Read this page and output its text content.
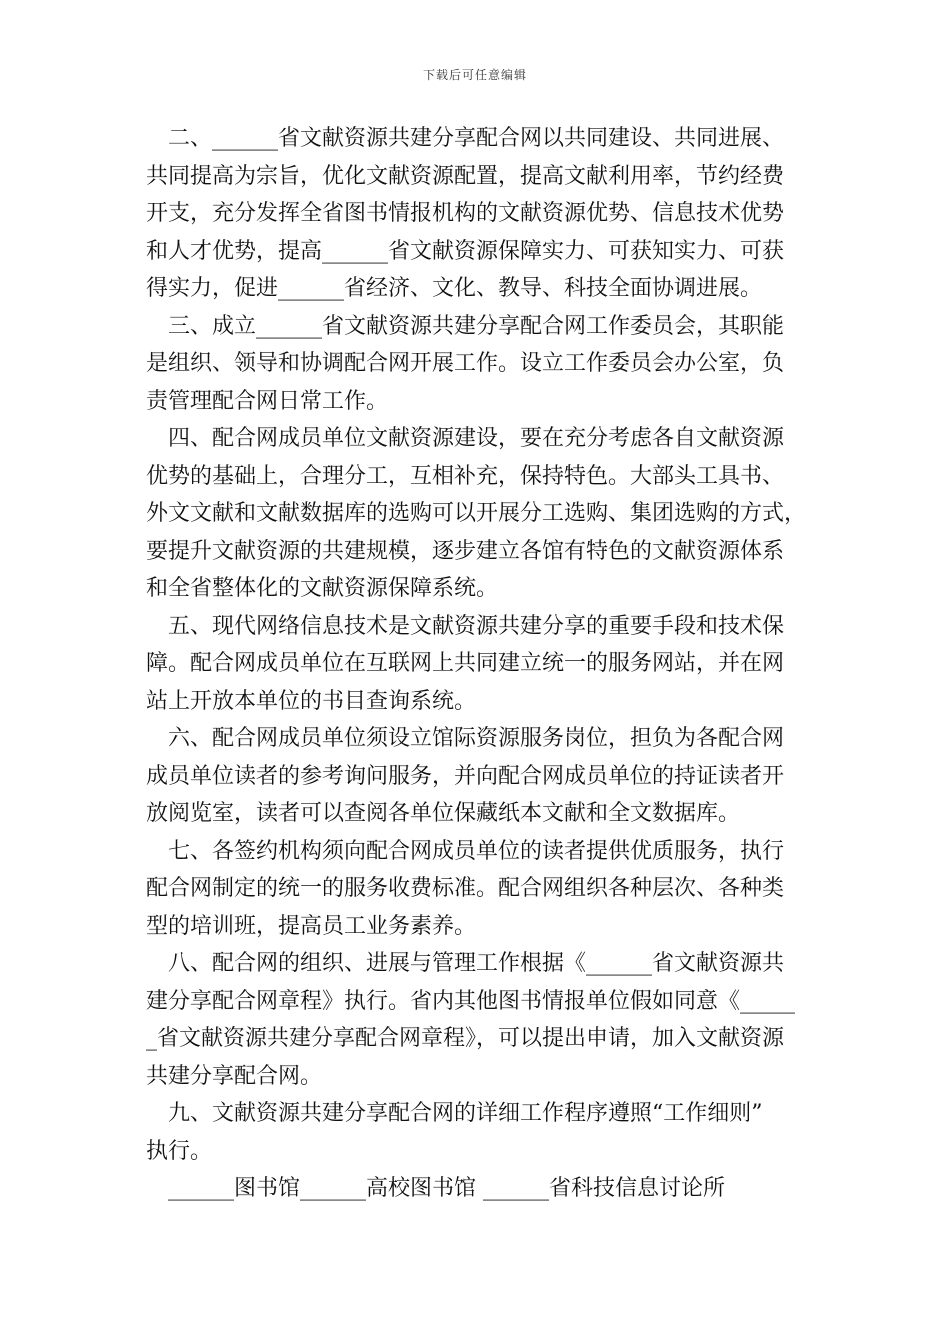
下载后可任意编辑
二、______省文献资源共建分享配合网以共同建设、共同进展、
共同提高为宗旨，优化文献资源配置，提高文献利用率，节约经费
开支，充分发挥全省图书情报机构的文献资源优势、信息技术优势
和人才优势，提高______省文献资源保障实力、可获知实力、可获
得实力，促进______省经济、文化、教导、科技全面协调进展。
三、成立______省文献资源共建分享配合网工作委员会，其职能
是组织、领导和协调配合网开展工作。设立工作委员会办公室，负
责管理配合网日常工作。
四、配合网成员单位文献资源建设，要在充分考虑各自文献资源
优势的基础上，合理分工，互相补充，保持特色。大部头工具书、
外文文献和文献数据库的选购可以开展分工选购、集团选购的方式，
要提升文献资源的共建规模，逐步建立各馆有特色的文献资源体系
和全省整体化的文献资源保障系统。
五、现代网络信息技术是文献资源共建分享的重要手段和技术保
障。配合网成员单位在互联网上共同建立统一的服务网站，并在网
站上开放本单位的书目查询系统。
六、配合网成员单位须设立馆际资源服务岗位，担负为各配合网
成员单位读者的参考询问服务，并向配合网成员单位的持证读者开
放阅览室，读者可以查阅各单位保藏纸本文献和全文数据库。
七、各签约机构须向配合网成员单位的读者提供优质服务，执行
配合网制定的统一的服务收费标准。配合网组织各种层次、各种类
型的培训班，提高员工业务素养。
八、配合网的组织、进展与管理工作根据《______省文献资源共
建分享配合网章程》执行。省内其他图书情报单位假如同意《_____
_省文献资源共建分享配合网章程》，可以提出申请，加入文献资源
共建分享配合网。
九、文献资源共建分享配合网的详细工作程序遵照“工作细则”
执行。
______图书馆______高校图书馆 ______省科技信息讨论所
